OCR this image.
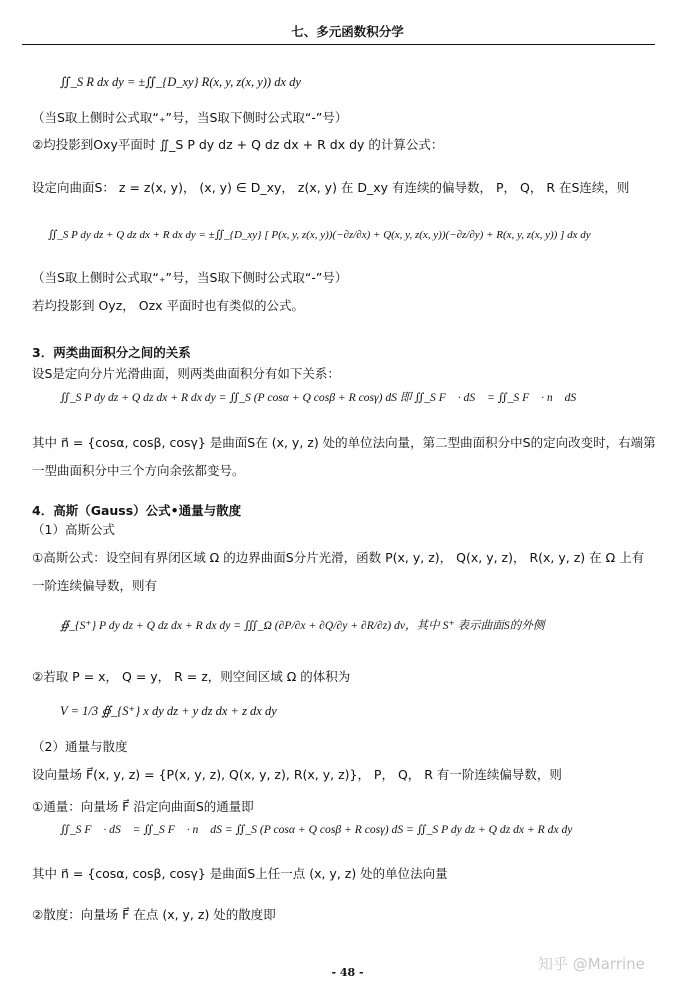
七、多元函数积分学
∬_S R dx dy = ±∬_{D_xy} R(x, y, z(x, y)) dx dy
（当S取上侧时公式取“₊”号，当S取下侧时公式取“-”号）
②均投影到Oxy平面时 ∬_S P dy dz + Q dz dx + R dx dy 的计算公式：
设定向曲面S： z = z(x, y)， (x, y) ∈ D_xy， z(x, y) 在 D_xy 有连续的偏导数， P， Q， R 在S连续，则
∬_S P dy dz + Q dz dx + R dx dy = ±∬_{D_xy} [ P(x, y, z(x, y))(−∂z/∂x) + Q(x, y, z(x, y))(−∂z/∂y) + R(x, y, z(x, y)) ] dx dy
（当S取上侧时公式取“₊”号，当S取下侧时公式取“-”号）
若均投影到 Oyz， Ozx 平面时也有类似的公式。
3．两类曲面积分之间的关系
设S是定向分片光滑曲面，则两类曲面积分有如下关系：
∬_S P dy dz + Q dz dx + R dx dy = ∬_S (P cosα + Q cosβ + R cosγ) dS 即 ∬_S F⃗ · dS⃗ = ∬_S F⃗ · n⃗ dS
其中 n⃗ = {cosα, cosβ, cosγ} 是曲面S在 (x, y, z) 处的单位法向量，第二型曲面积分中S的定向改变时，右端第
一型曲面积分中三个方向余弦都变号。
4．高斯（Gauss）公式•通量与散度
（1）高斯公式
①高斯公式：设空间有界闭区域 Ω 的边界曲面S分片光滑，函数 P(x, y, z)， Q(x, y, z)， R(x, y, z) 在 Ω 上有
一阶连续偏导数，则有
∯_{S⁺} P dy dz + Q dz dx + R dx dy = ∭_Ω (∂P/∂x + ∂Q/∂y + ∂R/∂z) dv，其中 S⁺ 表示曲面S的外侧
②若取 P = x， Q = y， R = z，则空间区域 Ω 的体积为
V = 1/3 ∯_{S⁺} x dy dz + y dz dx + z dx dy
（2）通量与散度
设向量场 F⃗(x, y, z) = {P(x, y, z), Q(x, y, z), R(x, y, z)}， P， Q， R 有一阶连续偏导数，则
①通量：向量场 F⃗ 沿定向曲面S的通量即
∬_S F⃗ · dS⃗ = ∬_S F⃗ · n⃗ dS = ∬_S (P cosα + Q cosβ + R cosγ) dS = ∬_S P dy dz + Q dz dx + R dx dy
其中 n⃗ = {cosα, cosβ, cosγ} 是曲面S上任一点 (x, y, z) 处的单位法向量
②散度：向量场 F⃗ 在点 (x, y, z) 处的散度即
- 48 -	知乎 @Marrine
